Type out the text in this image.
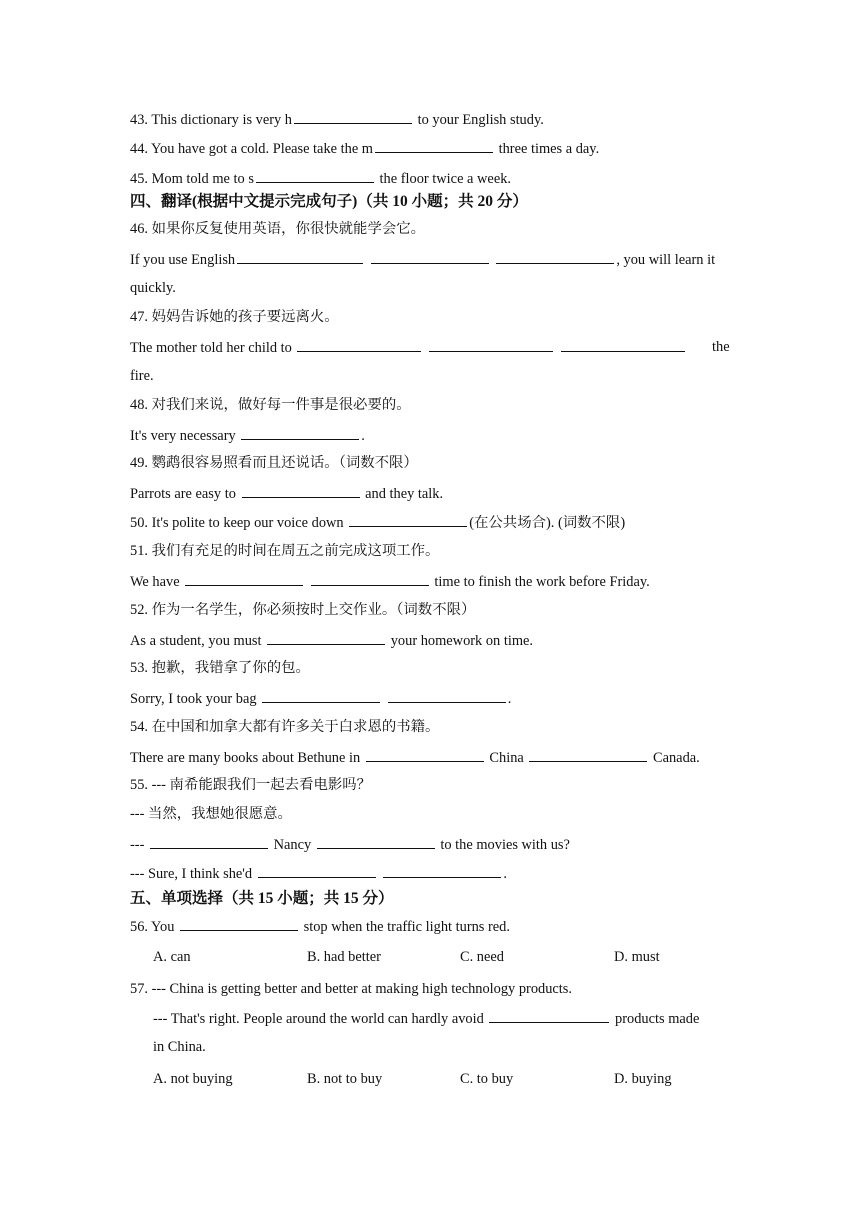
43. This dictionary is very h	to your English study.
44. You have got a cold. Please take the m	three times a day.
45. Mom told me to s	the floor twice a week.
四、翻译(根据中文提示完成句子)（共 10 小题；共 20 分）
46. 如果你反复使用英语，你很快就能学会它。
If you use English	, you will learn it
quickly.
47. 妈妈告诉她的孩子要远离火。
The mother told her child to	the
fire.
48. 对我们来说，做好每一件事是很必要的。
It's very necessary	.
49. 鹦鹉很容易照看而且还说话。（词数不限）
Parrots are easy to	and they talk.
50. It's polite to keep our voice down	(在公共场合). (词数不限)
51. 我们有充足的时间在周五之前完成这项工作。
We have	time to finish the work before Friday.
52. 作为一名学生，你必须按时上交作业。（词数不限）
As a student, you must	your homework on time.
53. 抱歉，我错拿了你的包。
Sorry, I took your bag	.
54. 在中国和加拿大都有许多关于白求恩的书籍。
There are many books about Bethune in	China	Canada.
55. --- 南希能跟我们一起去看电影吗？
--- 当然，我想她很愿意。
---	Nancy	to the movies with us?
--- Sure, I think she'd	.
五、单项选择（共 15 小题；共 15 分）
56. You	stop when the traffic light turns red.
A. can	B. had better	C. need	D. must
57. --- China is getting better and better at making high technology products.
--- That's right. People around the world can hardly avoid	products made
in China.
A. not buying	B. not to buy	C. to buy	D. buying
